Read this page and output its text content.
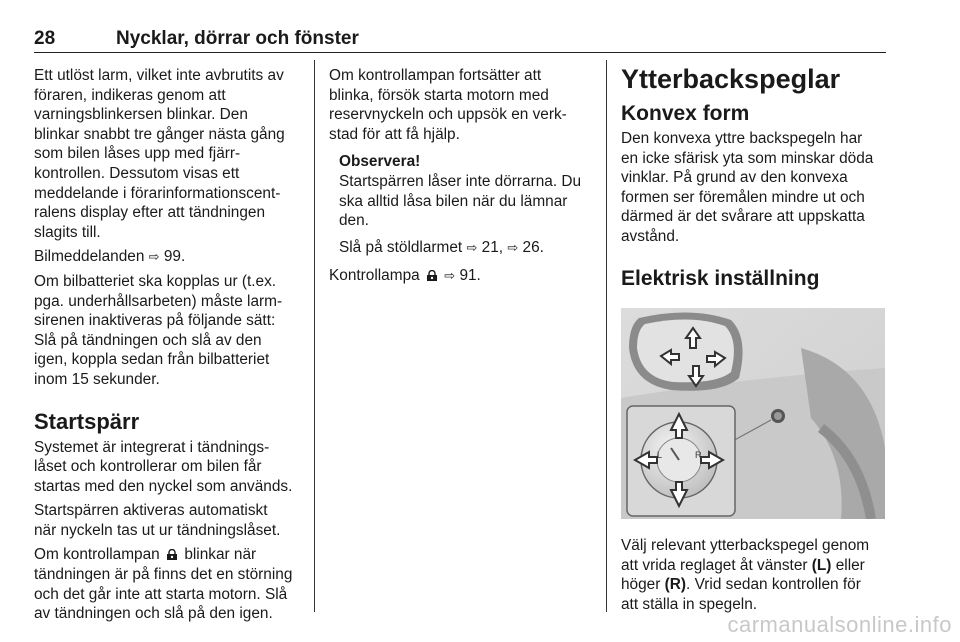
28	Nycklar, dörrar och fönster

Ett utlöst larm, vilket inte avbrutits av
föraren, indikeras genom att
varningsblinkersen blinkar. Den
blinkar snabbt tre gånger nästa gång
som bilen låses upp med fjärr-
kontrollen. Dessutom visas ett
meddelande i förarinformationscent-
ralens display efter att tändningen
slagits till.

Bilmeddelanden ⇨ 99.

Om bilbatteriet ska kopplas ur (t.ex.
pga. underhållsarbeten) måste larm-
sirenen inaktiveras på följande sätt:
Slå på tändningen och slå av den
igen, koppla sedan från bilbatteriet
inom 15 sekunder.

Startspärr

Systemet är integrerat i tändnings-
låset och kontrollerar om bilen får
startas med den nyckel som används.

Startspärren aktiveras automatiskt
när nyckeln tas ut ur tändningslåset.

Om kontrollampan blinkar när
tändningen är på finns det en störning
och det går inte att starta motorn. Slå
av tändningen och slå på den igen.

Om kontrollampan fortsätter att
blinka, försök starta motorn med
reservnyckeln och uppsök en verk-
stad för att få hjälp.

Observera!
Startspärren låser inte dörrarna. Du
ska alltid låsa bilen när du lämnar
den.

Slå på stöldlarmet ⇨ 21, ⇨ 26.

Kontrollampa ⇨ 91.

Ytterbackspeglar
Konvex form

Den konvexa yttre backspegeln har
en icke sfärisk yta som minskar döda
vinklar. På grund av den konvexa
formen ser föremålen mindre ut och
därmed är det svårare att uppskatta
avstånd.

Elektrisk inställning
L	R

Välj relevant ytterbackspegel genom
att vrida reglaget åt vänster (L) eller
höger (R). Vrid sedan kontrollen för
att ställa in spegeln.

carmanualsonline.info
